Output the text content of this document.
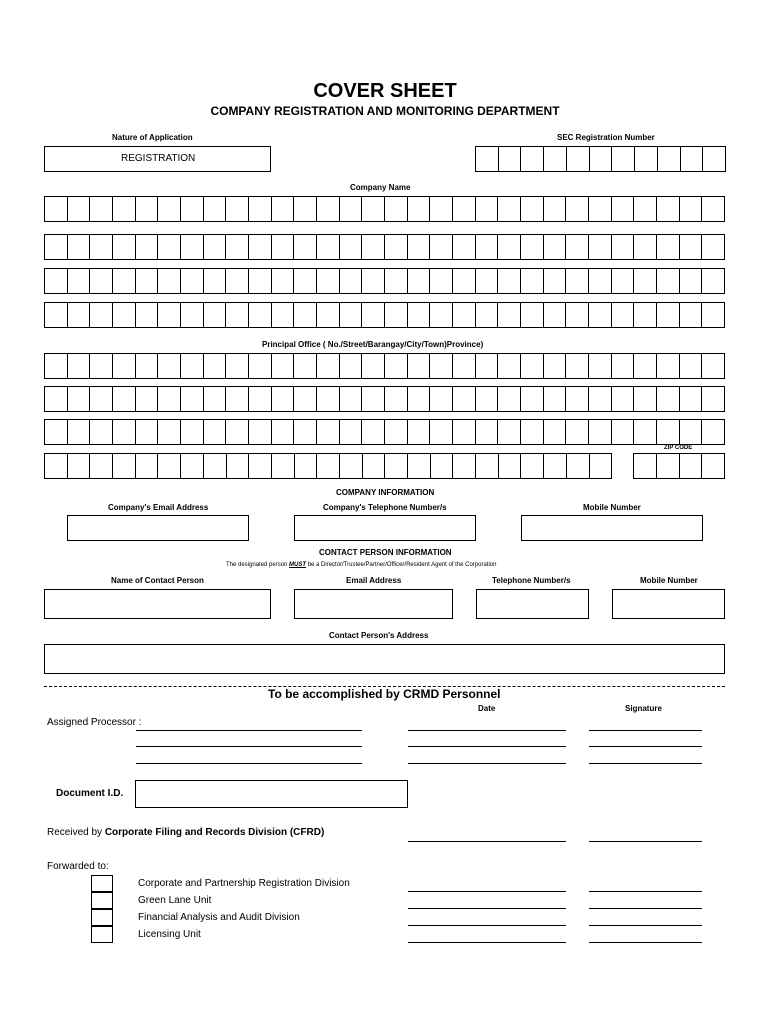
COVER SHEET
COMPANY REGISTRATION AND MONITORING DEPARTMENT
Nature of Application
REGISTRATION
SEC Registration Number
Company Name
Principal Office ( No./Street/Barangay/City/Town)Province)
ZIP CODE
COMPANY INFORMATION
Company's Email Address	Company's Telephone Number/s	Mobile Number
CONTACT PERSON INFORMATION
The designated person MUST be a Director/Trustee/Partner/Officer/Resident Agent of the Corporation
Name of Contact Person	Email Address	Telephone Number/s	Mobile Number
Contact Person's Address
To be accomplished by CRMD Personnel
Date	Signature
Assigned Processor :
Document I.D.
Received by Corporate Filing and Records Division (CFRD)
Forwarded to:
Corporate and Partnership Registration Division
Green Lane Unit
Financial Analysis and Audit Division
Licensing Unit
